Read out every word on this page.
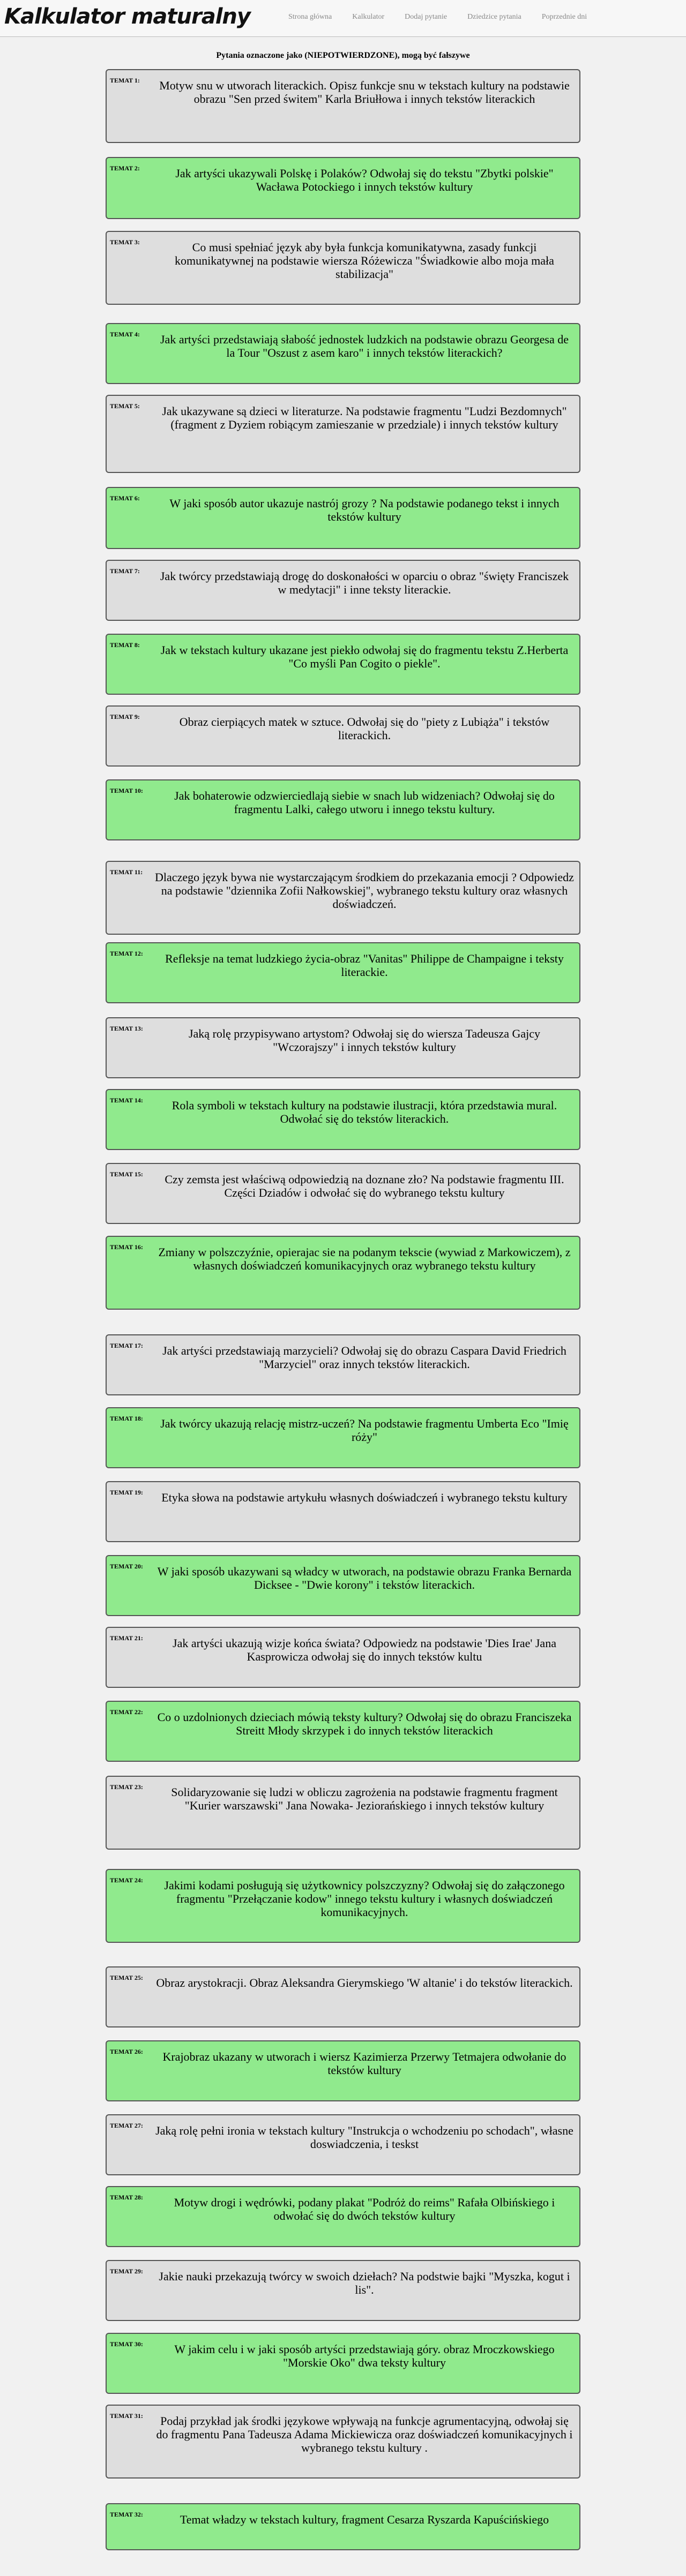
Kalkulator maturalny	Strona główna	Kalkulator	Dodaj pytanie	Dziedzice pytania	Poprzednie dni
Pytania oznaczone jako (NIEPOTWIERDZONE), mogą być fałszywe
TEMAT 1:	Motyw snu w utworach literackich. Opisz funkcje snu w tekstach kultury na podstawie obrazu "Sen przed świtem" Karla Briułłowa i innych tekstów literackich
TEMAT 2:	Jak artyści ukazywali Polskę i Polaków? Odwołaj się do tekstu "Zbytki polskie" Wacława Potockiego i innych tekstów kultury
TEMAT 3:	Co musi spełniać język aby była funkcja komunikatywna, zasady funkcji komunikatywnej na podstawie wiersza Różewicza "Świadkowie albo moja mała stabilizacja"
TEMAT 4:	Jak artyści przedstawiają słabość jednostek ludzkich na podstawie obrazu Georgesa de la Tour "Oszust z asem karo" i innych tekstów literackich?
TEMAT 5:	Jak ukazywane są dzieci w literaturze. Na podstawie fragmentu "Ludzi Bezdomnych" (fragment z Dyziem robiącym zamieszanie w przedziale) i innych tekstów kultury
TEMAT 6:	W jaki sposób autor ukazuje nastrój grozy ? Na podstawie podanego tekst i innych tekstów kultury
TEMAT 7:	Jak twórcy przedstawiają drogę do doskonałości w oparciu o obraz "święty Franciszek w medytacji" i inne teksty literackie.
TEMAT 8:	Jak w tekstach kultury ukazane jest piekło odwołaj się do fragmentu tekstu Z.Herberta "Co myśli Pan Cogito o piekle".
TEMAT 9:	Obraz cierpiących matek w sztuce. Odwołaj się do "piety z Lubiąża" i tekstów literackich.
TEMAT 10:	Jak bohaterowie odzwierciedlają siebie w snach lub widzeniach? Odwołaj się do fragmentu Lalki, całego utworu i innego tekstu kultury.
TEMAT 11: Dlaczego język bywa nie wystarczającym środkiem do przekazania emocji ? Odpowiedz na podstawie "dziennika Zofii Nałkowskiej", wybranego tekstu kultury oraz własnych doświadczeń.
TEMAT 12:	Refleksje na temat ludzkiego życia-obraz "Vanitas" Philippe de Champaigne i teksty literackie.
TEMAT 13:	Jaką rolę przypisywano artystom? Odwołaj się do wiersza Tadeusza Gajcy "Wczorajszy" i innych tekstów kultury
TEMAT 14:	Rola symboli w tekstach kultury na podstawie ilustracji, która przedstawia mural. Odwołać się do tekstów literackich.
TEMAT 15:	Czy zemsta jest właściwą odpowiedzią na doznane zło? Na podstawie fragmentu III. Części Dziadów i odwołać się do wybranego tekstu kultury
TEMAT 16: Zmiany w polszczyźnie, opierajac sie na podanym tekscie (wywiad z Markowiczem), z własnych doświadczeń komunikacyjnych oraz wybranego tekstu kultury
TEMAT 17:	Jak artyści przedstawiają marzycieli? Odwołaj się do obrazu Caspara David Friedrich "Marzyciel" oraz innych tekstów literackich.
TEMAT 18:	Jak twórcy ukazują relację mistrz-uczeń? Na podstawie fragmentu Umberta Eco "Imię róży"
TEMAT 19:	Etyka słowa na podstawie artykułu własnych doświadczeń i wybranego tekstu kultury
TEMAT 20: W jaki sposób ukazywani są władcy w utworach, na podstawie obrazu Franka Bernarda Dicksee - "Dwie korony" i tekstów literackich.
TEMAT 21:	Jak artyści ukazują wizje końca świata? Odpowiedz na podstawie 'Dies Irae' Jana Kasprowicza odwołaj się do innych tekstów kultu
TEMAT 22: Co o uzdolnionych dzieciach mówią teksty kultury? Odwołaj się do obrazu Franciszeka Streitt Młody skrzypek i do innych tekstów literackich
TEMAT 23:	Solidaryzowanie się ludzi w obliczu zagrożenia na podstawie fragmentu fragment "Kurier warszawski" Jana Nowaka- Jeziorańskiego i innych tekstów kultury
TEMAT 24:	Jakimi kodami posługują się użytkownicy polszczyzny? Odwołaj się do załączonego fragmentu "Przełączanie kodow" innego tekstu kultury i własnych doświadczeń komunikacyjnych.
TEMAT 25: Obraz arystokracji. Obraz Aleksandra Gierymskiego 'W altanie' i do tekstów literackich.
TEMAT 26:	Krajobraz ukazany w utworach i wiersz Kazimierza Przerwy Tetmajera odwołanie do tekstów kultury
TEMAT 27: Jaką rolę pełni ironia w tekstach kultury "Instrukcja o wchodzeniu po schodach", własne doswiadczenia, i tesks​t
TEMAT 28:	Motyw drogi i wędrówki, podany plakat "Podróż do reims" Rafała Olbińskiego i odwołać się do dwóch tekstów kultury
TEMAT 29:	Jakie nauki przekazują twórcy w swoich dziełach? Na podstwie bajki "Myszka, kogut i lis".
TEMAT 30:	W jakim celu i w jaki sposób artyści przedstawiają góry. obraz Mroczkowskiego "Morskie Oko" dwa teksty kultury
TEMAT 31:	Podaj przykład jak środki językowe wpływają na funkcje agrumentacyjną, odwołaj się do fragmentu Pana Tadeusza Adama Mickiewicza oraz doświadczeń komunikacyjnych i wybranego tekstu kultury .
TEMAT 32:	Temat władzy w tekstach kultury, fragment Cesarza Ryszarda Kapuścińskiego
